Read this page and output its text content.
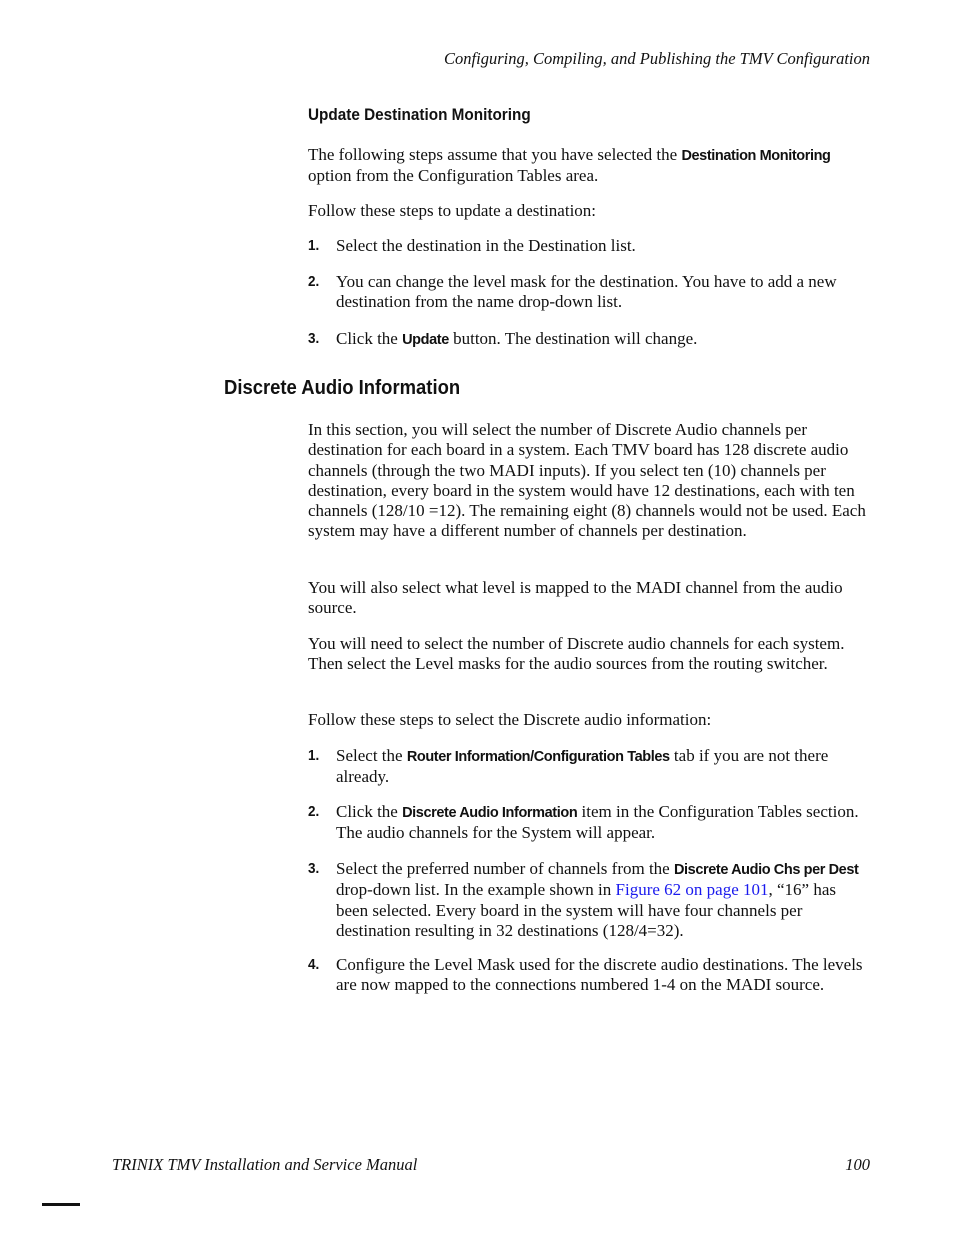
Configuring, Compiling, and Publishing the TMV Configuration
Update Destination Monitoring

The following steps assume that you have selected the Destination Monitoring option from the Configuration Tables area.

Follow these steps to update a destination:

1. Select the destination in the Destination list.
2. You can change the level mask for the destination. You have to add a new destination from the name drop-down list.
3. Click the Update button. The destination will change.
Discrete Audio Information

In this section, you will select the number of Discrete Audio channels per destination for each board in a system. Each TMV board has 128 discrete audio channels (through the two MADI inputs). If you select ten (10) channels per destination, every board in the system would have 12 destinations, each with ten channels (128/10 =12). The remaining eight (8) channels would not be used. Each system may have a different number of channels per destination.

You will also select what level is mapped to the MADI channel from the audio source.

You will need to select the number of Discrete audio channels for each system. Then select the Level masks for the audio sources from the routing switcher.

Follow these steps to select the Discrete audio information:

1. Select the Router Information/Configuration Tables tab if you are not there already.
2. Click the Discrete Audio Information item in the Configuration Tables section. The audio channels for the System will appear.
3. Select the preferred number of channels from the Discrete Audio Chs per Dest drop-down list. In the example shown in Figure 62 on page 101, “16” has been selected. Every board in the system will have four channels per destination resulting in 32 destinations (128/4=32).
4. Configure the Level Mask used for the discrete audio destinations. The levels are now mapped to the connections numbered 1-4 on the MADI source.
TRINIX TMV Installation and Service Manual	100
